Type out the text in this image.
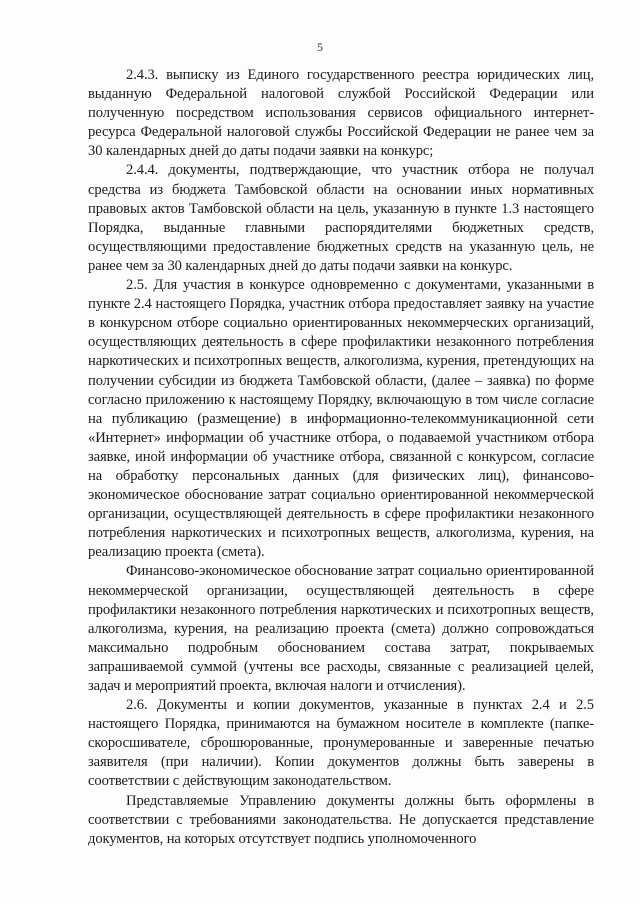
5

2.4.3. выписку из Единого государственного реестра юридических лиц, выданную Федеральной налоговой службой Российской Федерации или полученную посредством использования сервисов официального интернет-ресурса Федеральной налоговой службы Российской Федерации не ранее чем за 30 календарных дней до даты подачи заявки на конкурс;

2.4.4. документы, подтверждающие, что участник отбора не получал средства из бюджета Тамбовской области на основании иных нормативных правовых актов Тамбовской области на цель, указанную в пункте 1.3 настоящего Порядка, выданные главными распорядителями бюджетных средств, осуществляющими предоставление бюджетных средств на указанную цель, не ранее чем за 30 календарных дней до даты подачи заявки на конкурс.

2.5. Для участия в конкурсе одновременно с документами, указанными в пункте 2.4 настоящего Порядка, участник отбора предоставляет заявку на участие в конкурсном отборе социально ориентированных некоммерческих организаций, осуществляющих деятельность в сфере профилактики незаконного потребления наркотических и психотропных веществ, алкоголизма, курения, претендующих на получении субсидии из бюджета Тамбовской области, (далее – заявка) по форме согласно приложению к настоящему Порядку, включающую в том числе согласие на публикацию (размещение) в информационно-телекоммуникационной сети «Интернет» информации об участнике отбора, о подаваемой участником отбора заявке, иной информации об участнике отбора, связанной с конкурсом, согласие на обработку персональных данных (для физических лиц), финансово-экономическое обоснование затрат социально ориентированной некоммерческой организации, осуществляющей деятельность в сфере профилактики незаконного потребления наркотических и психотропных веществ, алкоголизма, курения, на реализацию проекта (смета).

Финансово-экономическое обоснование затрат социально ориентированной некоммерческой организации, осуществляющей деятельность в сфере профилактики незаконного потребления наркотических и психотропных веществ, алкоголизма, курения, на реализацию проекта (смета) должно сопровождаться максимально подробным обоснованием состава затрат, покрываемых запрашиваемой суммой (учтены все расходы, связанные с реализацией целей, задач и мероприятий проекта, включая налоги и отчисления).

2.6. Документы и копии документов, указанные в пунктах 2.4 и 2.5 настоящего Порядка, принимаются на бумажном носителе в комплекте (папке-скоросшивателе, сброшюрованные, пронумерованные и заверенные печатью заявителя (при наличии). Копии документов должны быть заверены в соответствии с действующим законодательством.

Представляемые Управлению документы должны быть оформлены в соответствии с требованиями законодательства. Не допускается представление документов, на которых отсутствует подпись уполномоченного
